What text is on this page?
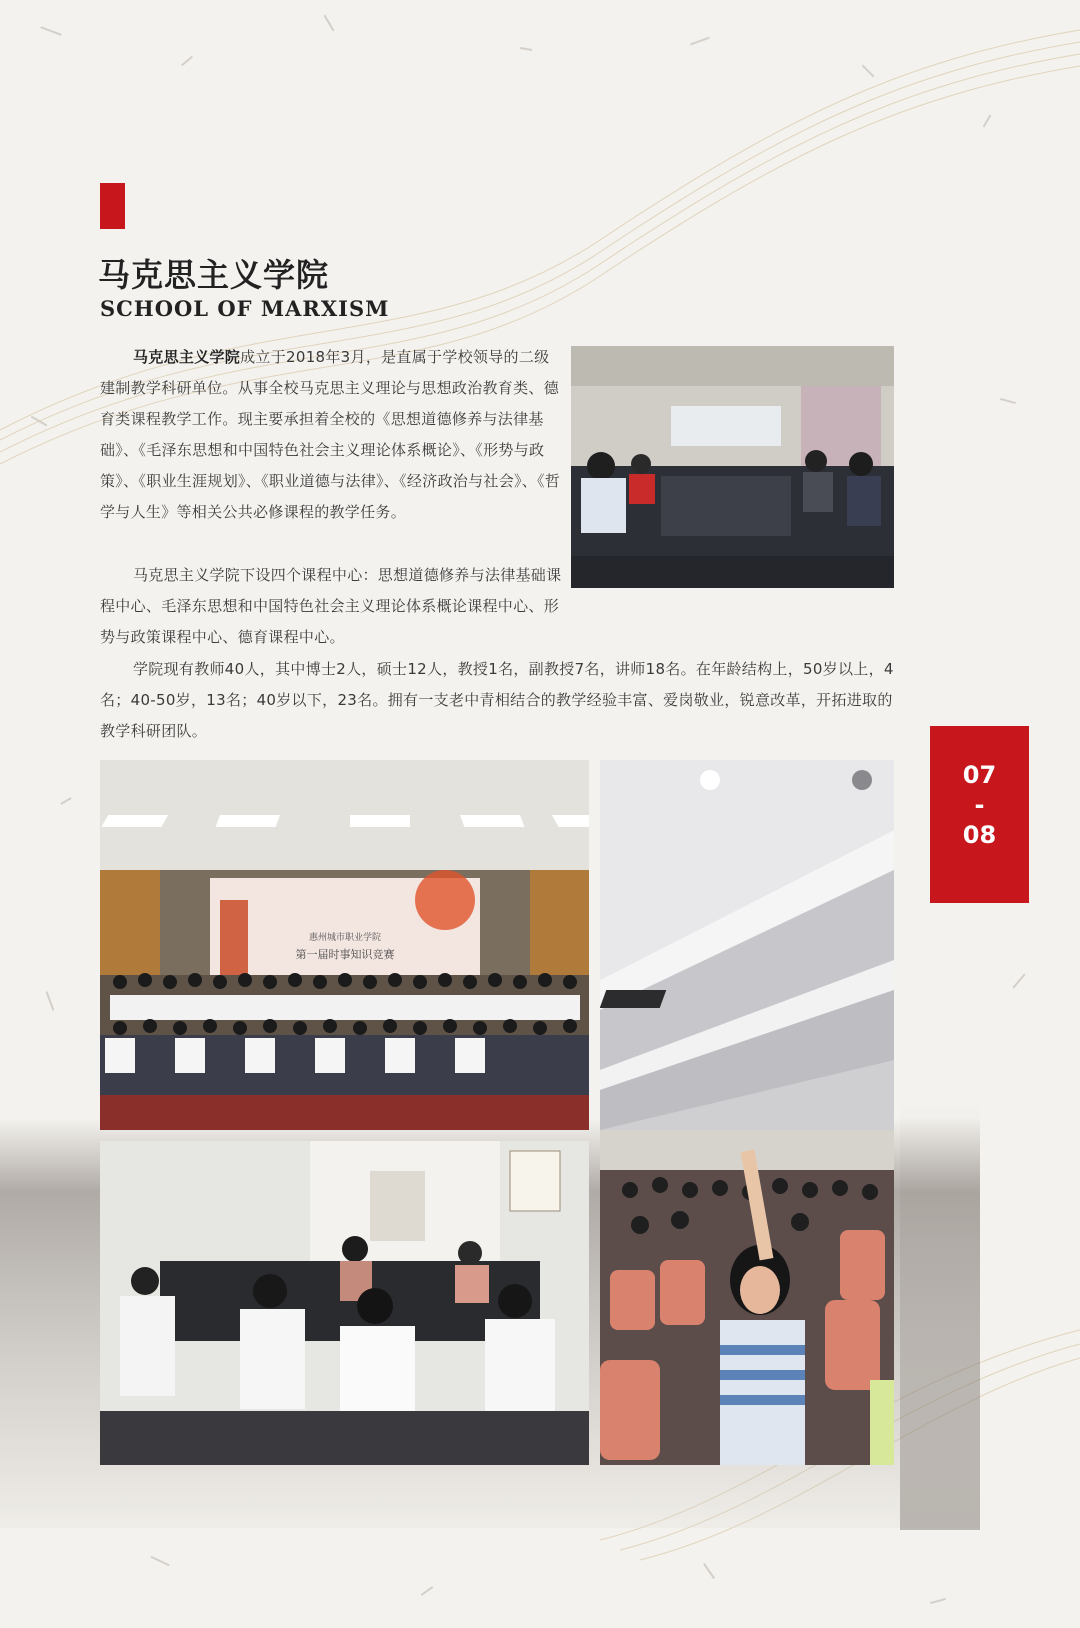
马克思主义学院
SCHOOL OF MARXISM

马克思主义学院成立于2018年3月，是直属于学校领导的二级建制教学科研单位。从事全校马克思主义理论与思想政治教育类、德育类课程教学工作。现主要承担着全校的《思想道德修养与法律基础》、《毛泽东思想和中国特色社会主义理论体系概论》、《形势与政策》、《职业生涯规划》、《职业道德与法律》、《经济政治与社会》、《哲学与人生》等相关公共必修课程的教学任务。

马克思主义学院下设四个课程中心：思想道德修养与法律基础课程中心、毛泽东思想和中国特色社会主义理论体系概论课程中心、形势与政策课程中心、德育课程中心。

学院现有教师40人，其中博士2人，硕士12人，教授1名，副教授7名，讲师18名。在年龄结构上，50岁以上，4名；40-50岁，13名；40岁以下，23名。拥有一支老中青相结合的教学经验丰富、爱岗敬业，锐意改革，开拓进取的教学科研团队。

惠州城市职业学院
第一届时事知识竞赛
07
-
08
